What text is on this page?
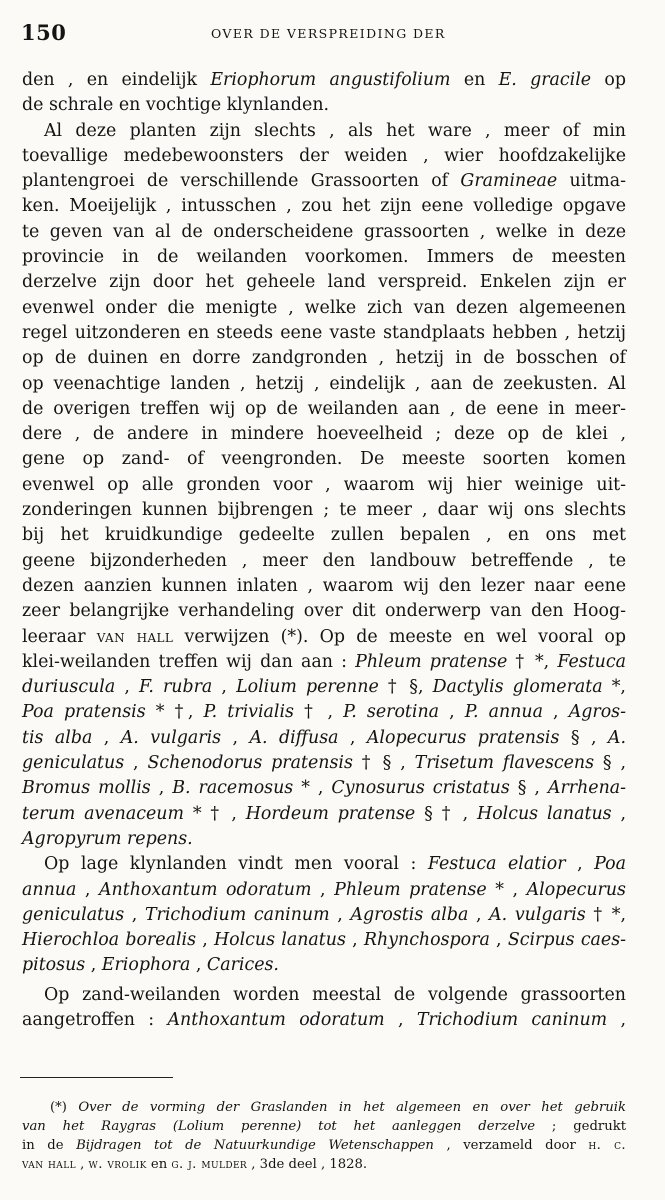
150	OVER DE VERSPREIDING DER
den , en eindelijk Eriophorum angustifolium en E. gracile op
de schrale en vochtige klynlanden.
Al deze planten zijn slechts , als het ware , meer of min
toevallige medebewoonsters der weiden , wier hoofdzakelijke
plantengroei de verschillende Grassoorten of Gramineae uitma-
ken. Moeijelijk , intusschen , zou het zijn eene volledige opgave
te geven van al de onderscheidene grassoorten , welke in deze
provincie in de weilanden voorkomen. Immers de meesten
derzelve zijn door het geheele land verspreid. Enkelen zijn er
evenwel onder die menigte , welke zich van dezen algemeenen
regel uitzonderen en steeds eene vaste standplaats hebben , hetzij
op de duinen en dorre zandgronden , hetzij in de bosschen of
op veenachtige landen , hetzij , eindelijk , aan de zeekusten. Al
de overigen treffen wij op de weilanden aan , de eene in meer-
dere , de andere in mindere hoeveelheid ; deze op de klei ,
gene op zand- of veengronden. De meeste soorten komen
evenwel op alle gronden voor , waarom wij hier weinige uit-
zonderingen kunnen bijbrengen ; te meer , daar wij ons slechts
bij het kruidkundige gedeelte zullen bepalen , en ons met
geene bijzonderheden , meer den landbouw betreffende , te
dezen aanzien kunnen inlaten , waarom wij den lezer naar eene
zeer belangrijke verhandeling over dit onderwerp van den Hoog-
leeraar van hall verwijzen (*). Op de meeste en wel vooral op
klei-weilanden treffen wij dan aan : Phleum pratense † *, Festuca
duriuscula , F. rubra , Lolium perenne † §, Dactylis glomerata *,
Poa pratensis * †, P. trivialis † , P. serotina , P. annua , Agros-
tis alba , A. vulgaris , A. diffusa , Alopecurus pratensis § , A.
geniculatus , Schenodorus pratensis † § , Trisetum flavescens § ,
Bromus mollis , B. racemosus * , Cynosurus cristatus § , Arrhena-
terum avenaceum * † , Hordeum pratense § † , Holcus lanatus ,
Agropyrum repens.
Op lage klynlanden vindt men vooral : Festuca elatior , Poa
annua , Anthoxantum odoratum , Phleum pratense * , Alopecurus
geniculatus , Trichodium caninum , Agrostis alba , A. vulgaris † *,
Hierochloa borealis , Holcus lanatus , Rhynchospora , Scirpus caes-
pitosus , Eriophora , Carices.
Op zand-weilanden worden meestal de volgende grassoorten
aangetroffen : Anthoxantum odoratum , Trichodium caninum ,
(*) Over de vorming der Graslanden in het algemeen en over het gebruik
van het Raygras (Lolium perenne) tot het aanleggen derzelve ; gedrukt
in de Bijdragen tot de Natuurkundige Wetenschappen , verzameld door h. c.
van hall , w. vrolik en g. j. mulder , 3de deel , 1828.
